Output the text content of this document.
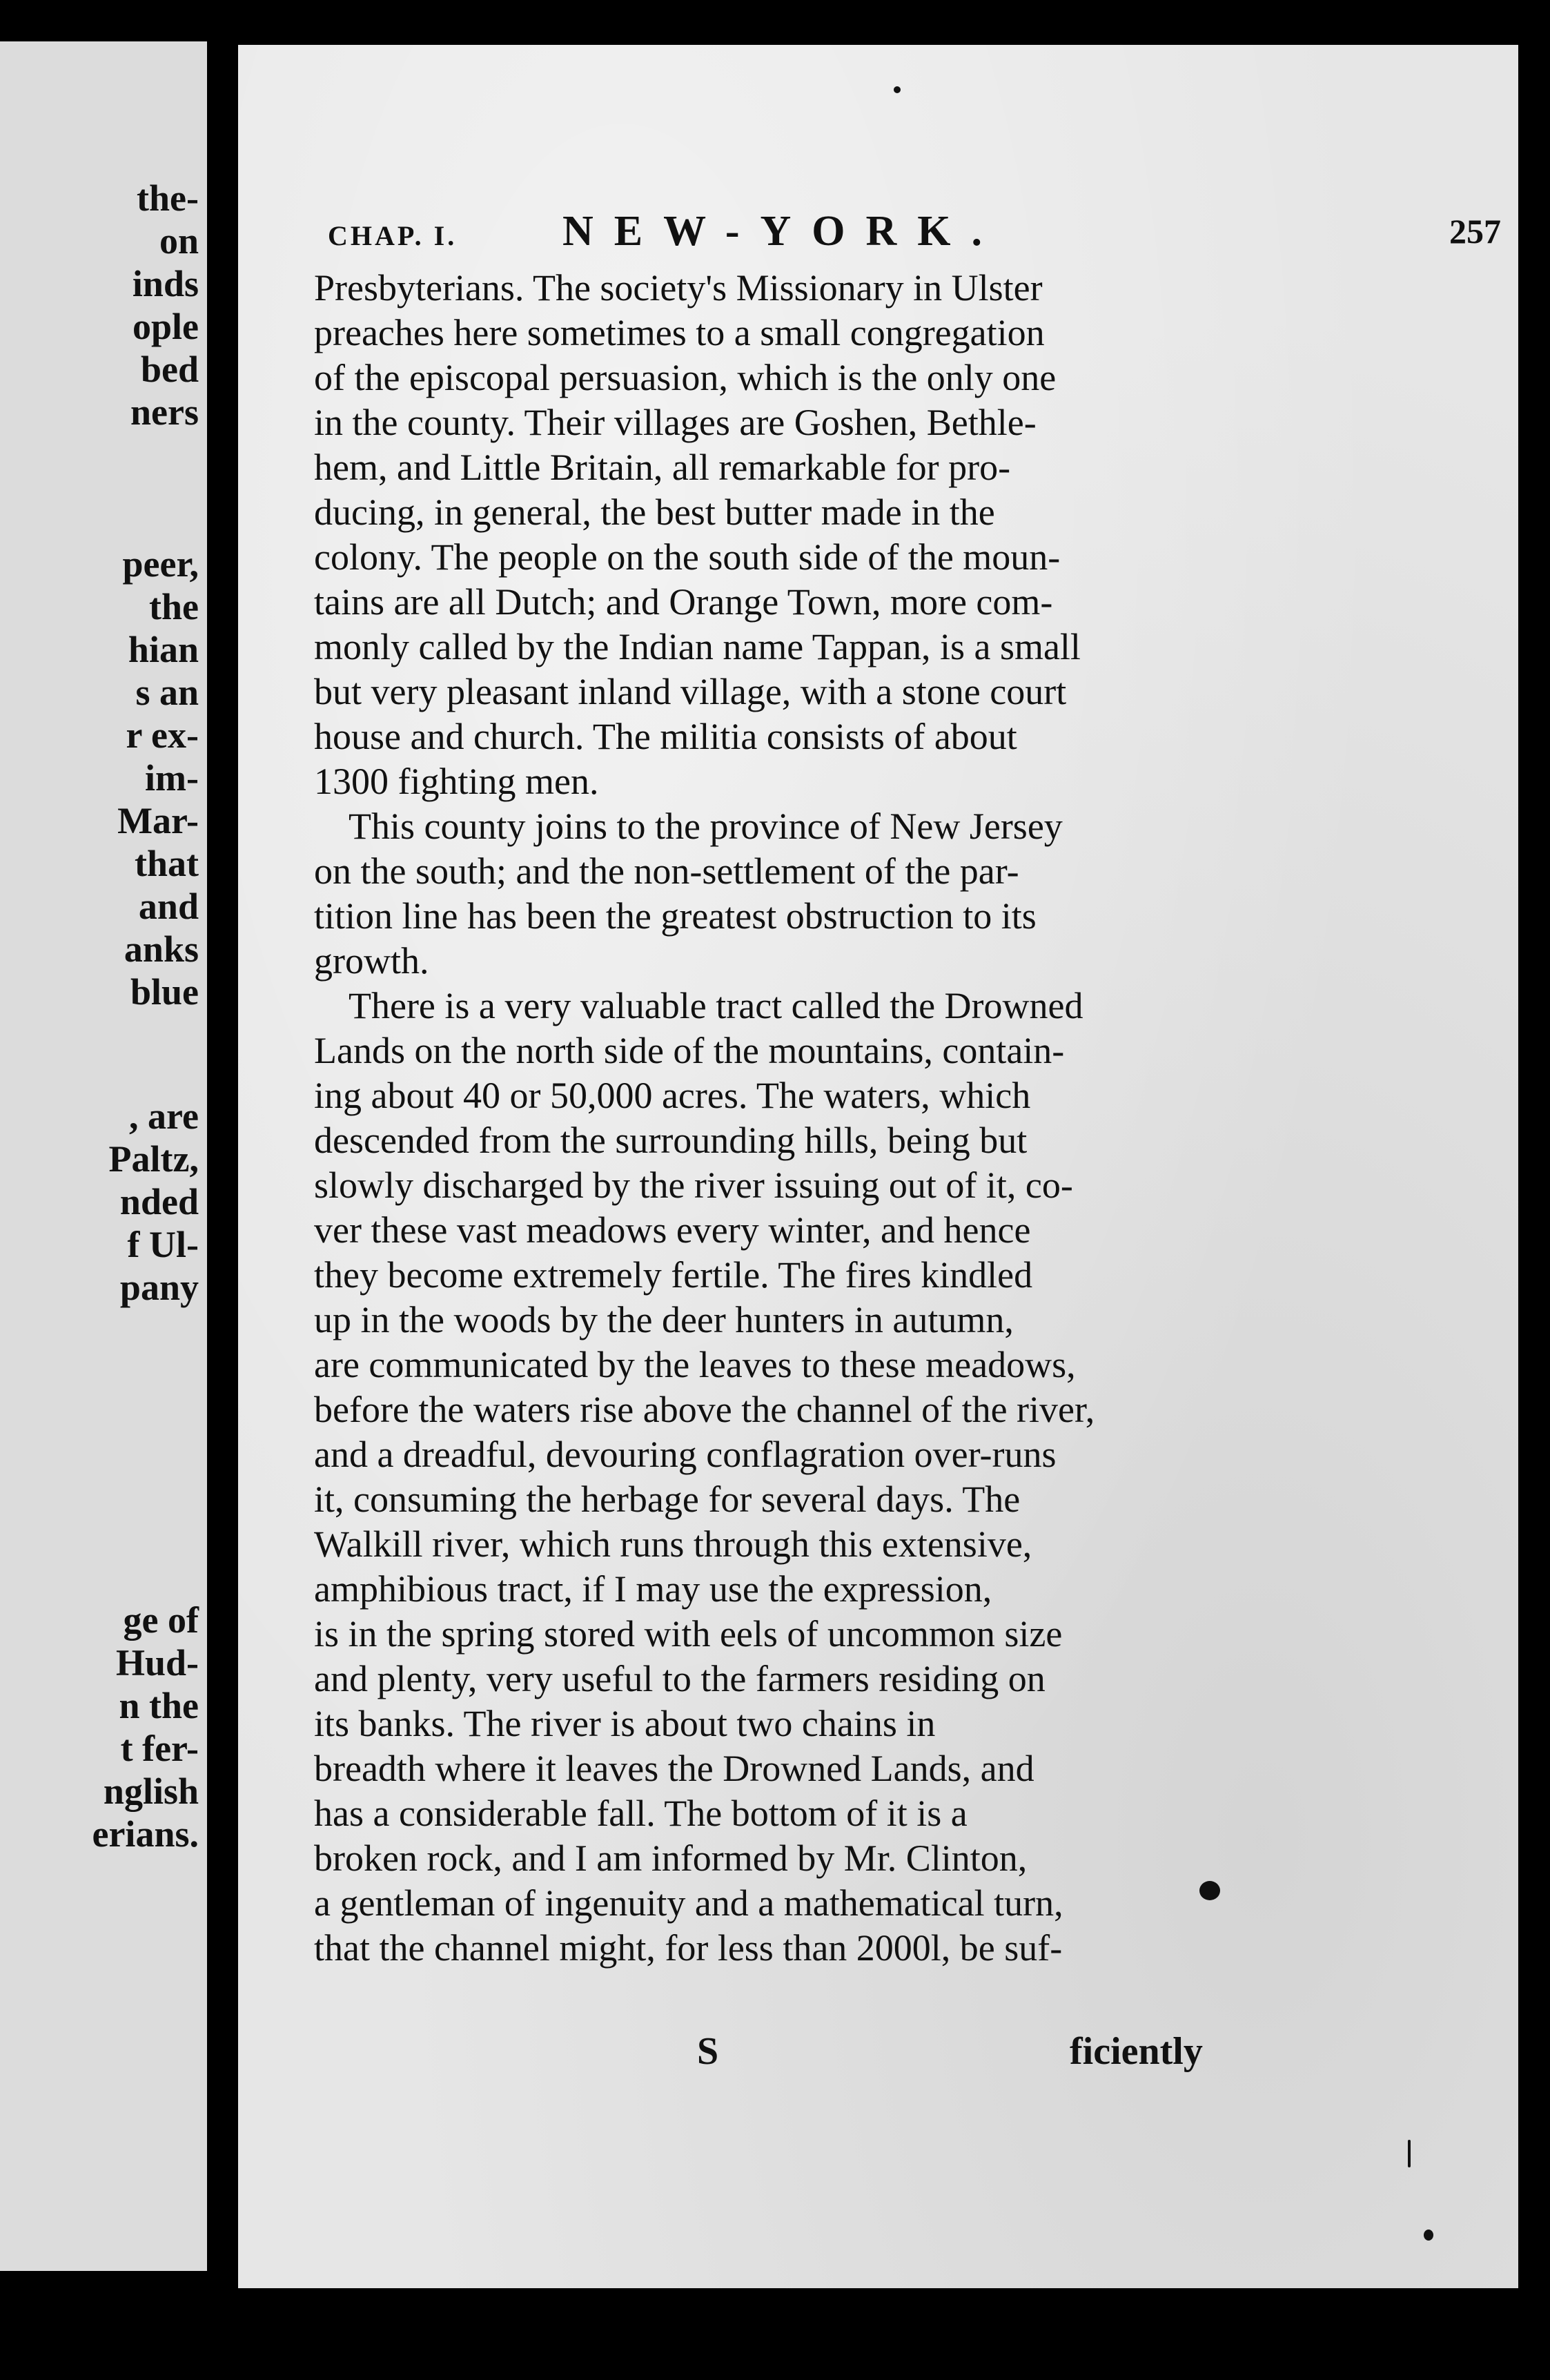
the-
on
inds
ople
bed
ners
peer,
the
hian
s an
r ex-
im-
Mar-
that
and
anks
blue
, are
Paltz,
nded
f Ul-
pany
ge of
Hud-
n the
t fer-
nglish
erians.
CHAP. I. NEW-YORK.	257
Presbyterians. The society's Missionary in Ulster
preaches here sometimes to a small congregation
of the episcopal persuasion, which is the only one
in the county. Their villages are Goshen, Bethle-
hem, and Little Britain, all remarkable for pro-
ducing, in general, the best butter made in the
colony. The people on the south side of the moun-
tains are all Dutch; and Orange Town, more com-
monly called by the Indian name Tappan, is a small
but very pleasant inland village, with a stone court
house and church. The militia consists of about
1300 fighting men.
This county joins to the province of New Jersey
on the south; and the non-settlement of the par-
tition line has been the greatest obstruction to its
growth.
There is a very valuable tract called the Drowned
Lands on the north side of the mountains, contain-
ing about 40 or 50,000 acres. The waters, which
descended from the surrounding hills, being but
slowly discharged by the river issuing out of it, co-
ver these vast meadows every winter, and hence
they become extremely fertile. The fires kindled
up in the woods by the deer hunters in autumn,
are communicated by the leaves to these meadows,
before the waters rise above the channel of the river,
and a dreadful, devouring conflagration over-runs
it, consuming the herbage for several days. The
Walkill river, which runs through this extensive,
amphibious tract, if I may use the expression,
is in the spring stored with eels of uncommon size
and plenty, very useful to the farmers residing on
its banks. The river is about two chains in
breadth where it leaves the Drowned Lands, and
has a considerable fall. The bottom of it is a
broken rock, and I am informed by Mr. Clinton,
a gentleman of ingenuity and a mathematical turn,
that the channel might, for less than 2000l, be suf-
S	ficiently
